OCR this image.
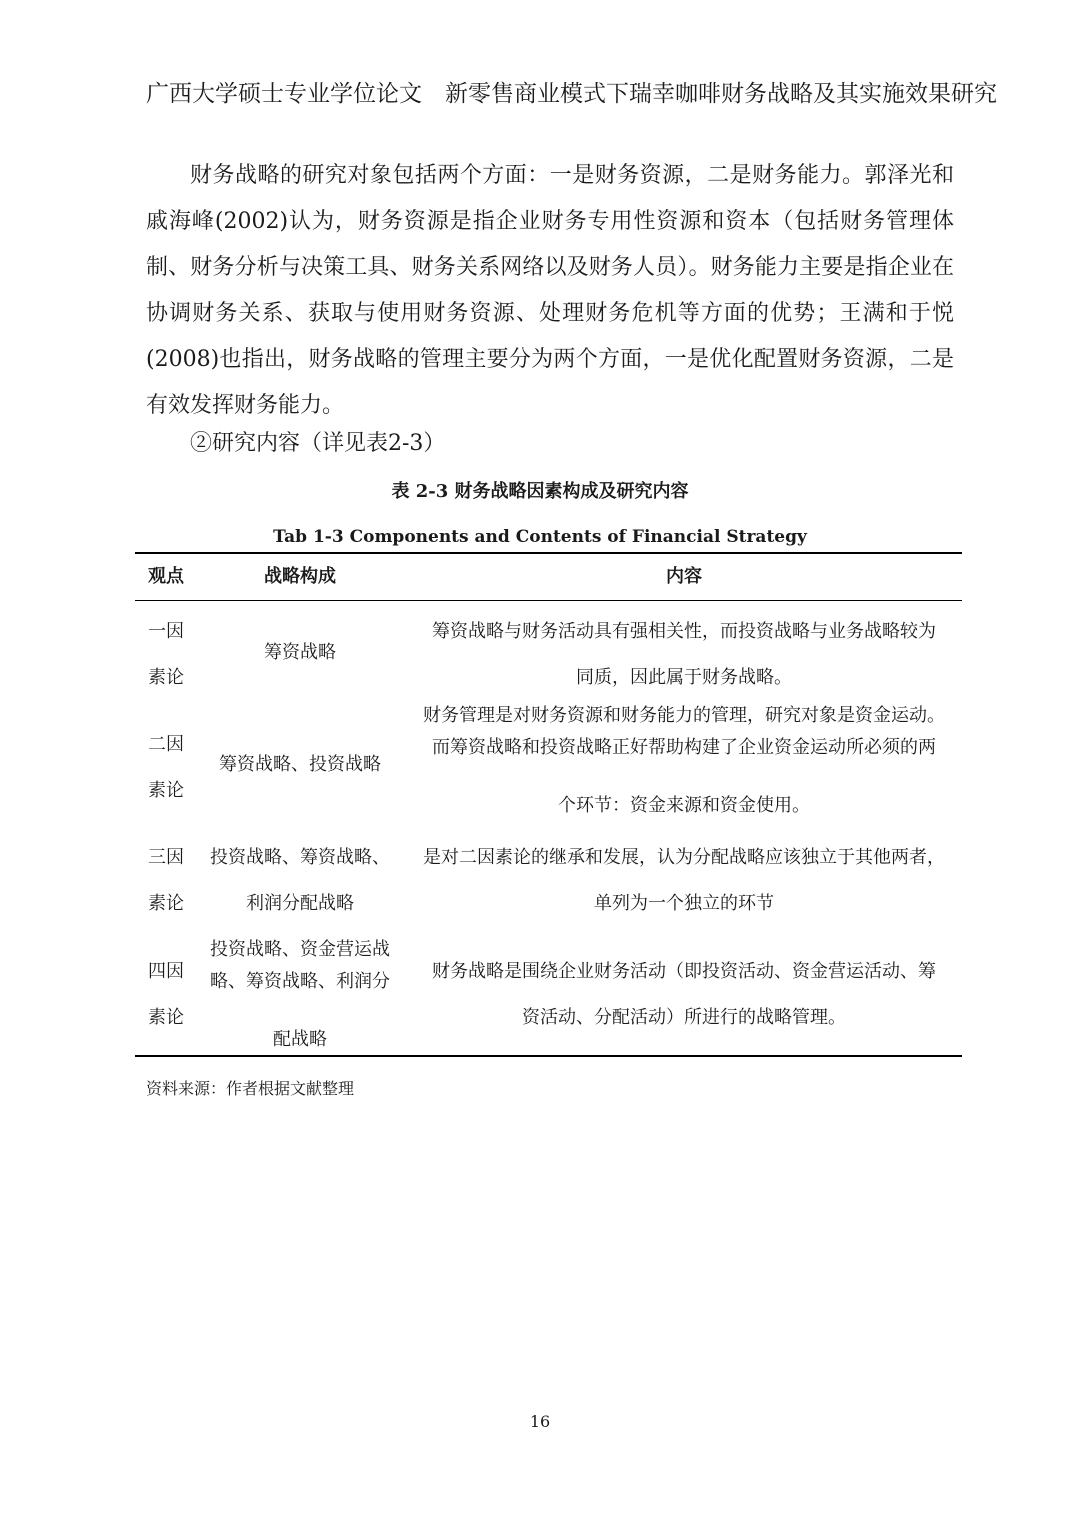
广西大学硕士专业学位论文　新零售商业模式下瑞幸咖啡财务战略及其实施效果研究
财务战略的研究对象包括两个方面：一是财务资源，二是财务能力。郭泽光和戚海峰(2002)认为，财务资源是指企业财务专用性资源和资本（包括财务管理体制、财务分析与决策工具、财务关系网络以及财务人员）。财务能力主要是指企业在协调财务关系、获取与使用财务资源、处理财务危机等方面的优势；王满和于悦(2008)也指出，财务战略的管理主要分为两个方面，一是优化配置财务资源，二是有效发挥财务能力。
②研究内容（详见表2-3）
表 2-3 财务战略因素构成及研究内容
Tab 1-3 Components and Contents of Financial Strategy
观点	战略构成	内容
一因
素论
筹资战略
筹资战略与财务活动具有强相关性，而投资战略与业务战略较为
同质，因此属于财务战略。
二因
素论
筹资战略、投资战略
财务管理是对财务资源和财务能力的管理，研究对象是资金运动。
而筹资战略和投资战略正好帮助构建了企业资金运动所必须的两
个环节：资金来源和资金使用。
三因
素论
投资战略、筹资战略、
利润分配战略
是对二因素论的继承和发展，认为分配战略应该独立于其他两者，
单列为一个独立的环节
四因
素论
投资战略、资金营运战
略、筹资战略、利润分
配战略
财务战略是围绕企业财务活动（即投资活动、资金营运活动、筹
资活动、分配活动）所进行的战略管理。
资料来源：作者根据文献整理
16
